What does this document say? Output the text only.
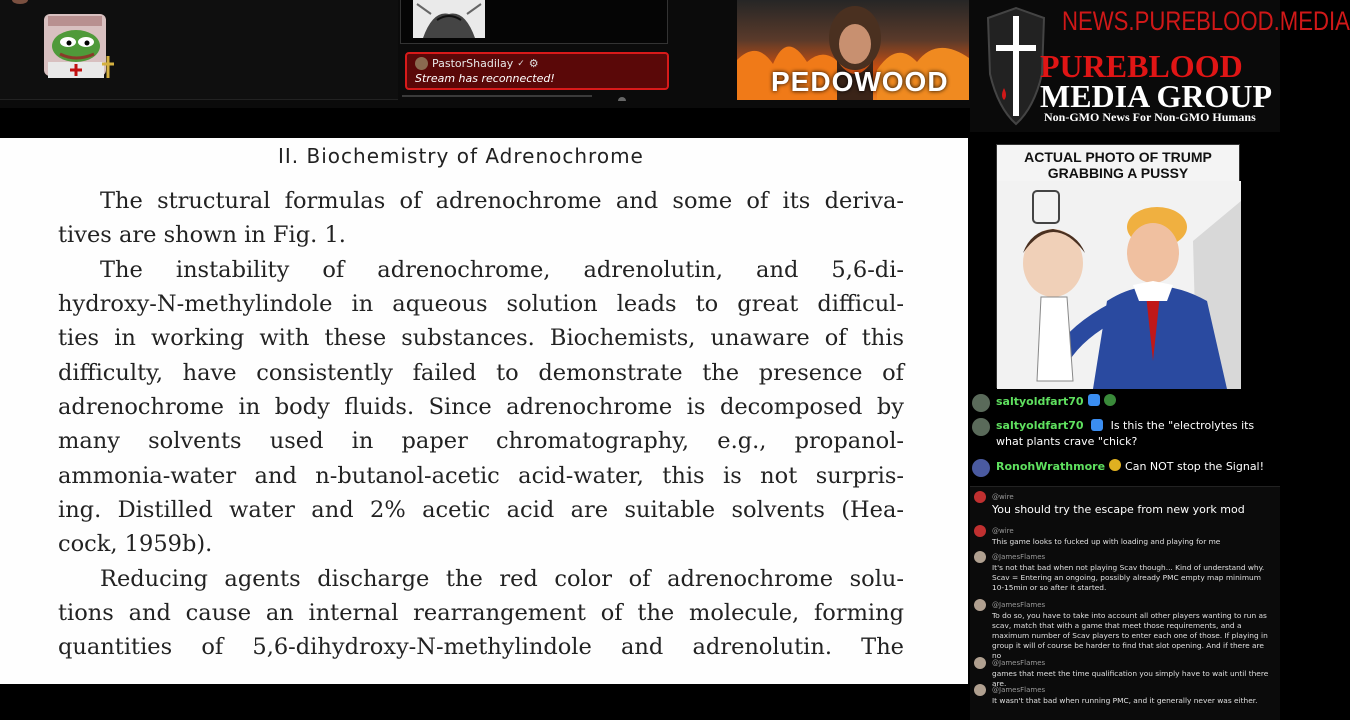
PastorShadilay ✓ ⚙
Stream has reconnected!	PEDOWOOD
NEWS.PUREBLOOD.MEDIA
PUREBLOOD
MEDIA GROUP
Non-GMO News For Non-GMO Humans
II. Biochemistry of Adrenochrome
The structural formulas of adrenochrome and some of its deriva-
tives are shown in Fig. 1.
The instability of adrenochrome, adrenolutin, and 5,6-di-
hydroxy-N-methylindole in aqueous solution leads to great difficul-
ties in working with these substances. Biochemists, unaware of this
difficulty, have consistently failed to demonstrate the presence of
adrenochrome in body fluids. Since adrenochrome is decomposed by
many solvents used in paper chromatography, e.g., propanol-
ammonia-water and n-butanol-acetic acid-water, this is not surpris-
ing. Distilled water and 2% acetic acid are suitable solvents (Hea-
cock, 1959b).
Reducing agents discharge the red color of adrenochrome solu-
tions and cause an internal rearrangement of the molecule, forming
quantities of 5,6-dihydroxy-N-methylindole and adrenolutin. The
ACTUAL PHOTO OF TRUMP
GRABBING A PUSSY
saltyoldfart70
saltyoldfart70 Is this the "electrolytes its what plants crave "chick?
RonohWrathmore Can NOT stop the Signal!
@wire
You should try the escape from new york mod
@wire
This game looks to fucked up with loading and playing for me
@JamesFlames
It's not that bad when not playing Scav though... Kind of understand why. Scav = Entering an ongoing, possibly already PMC empty map minimum 10-15min or so after it started.
@JamesFlames
To do so, you have to take into account all other players wanting to run as scav, match that with a game that meet those requirements, and a maximum number of Scav players to enter each one of those. If playing in group it will of course be harder to find that slot opening. And if there are no
@JamesFlames
games that meet the time qualification you simply have to wait until there are.
@JamesFlames
It wasn't that bad when running PMC, and it generally never was either.
